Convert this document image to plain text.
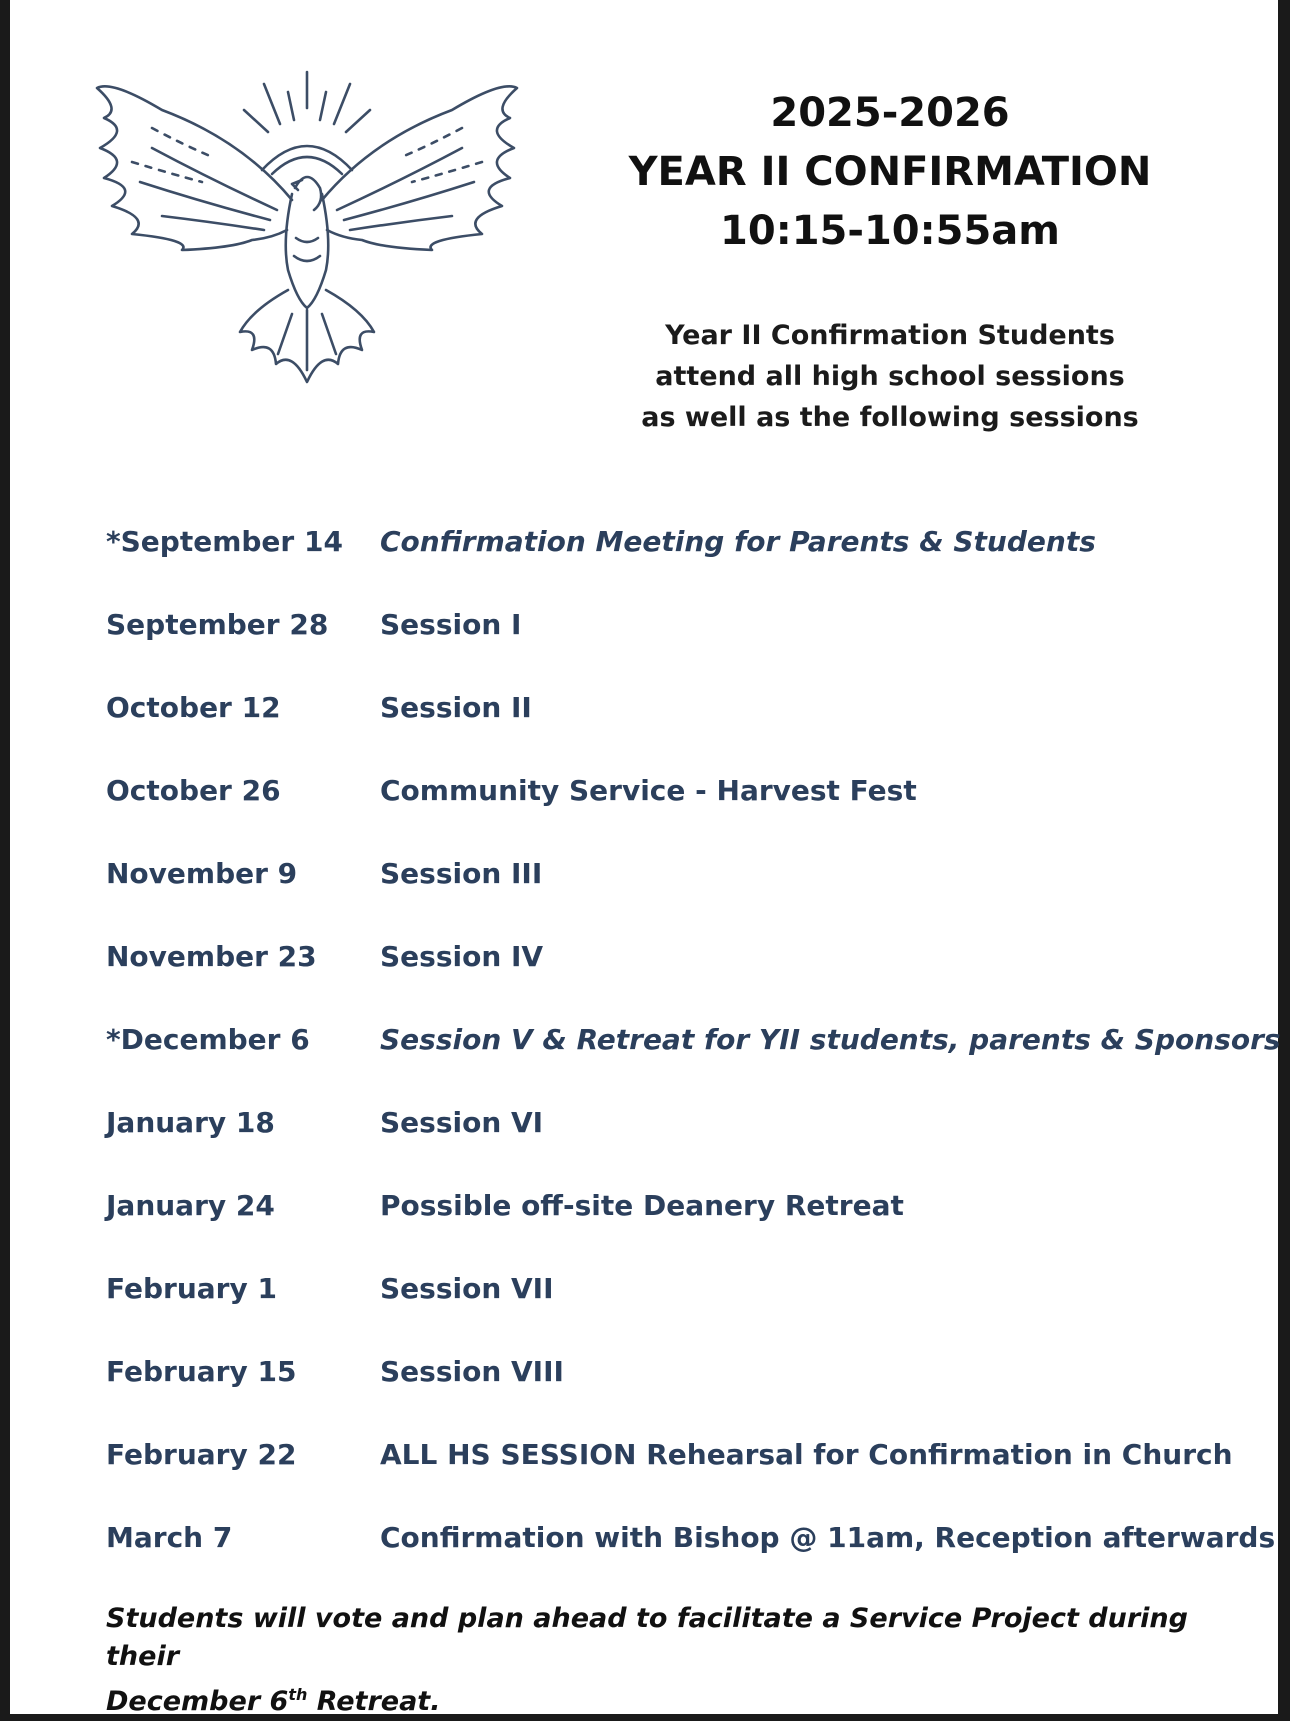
2025-2026
YEAR II CONFIRMATION
10:15-10:55am
Year II Confirmation Students
attend all high school sessions
as well as the following sessions
*September 14 Confirmation Meeting for Parents & Students
September 28 Session I
October 12	Session II
October 26	Community Service - Harvest Fest
November 9	Session III
November 23 Session IV
*December 6	Session V & Retreat for YII students, parents & Sponsors
January 18	Session VI
January 24	Possible off-site Deanery Retreat
February 1	Session VII
February 15	Session VIII
February 22	ALL HS SESSION Rehearsal for Confirmation in Church
March 7	Confirmation with Bishop @ 11am, Reception afterwards
Students will vote and plan ahead to facilitate a Service Project during their
December 6th Retreat.
